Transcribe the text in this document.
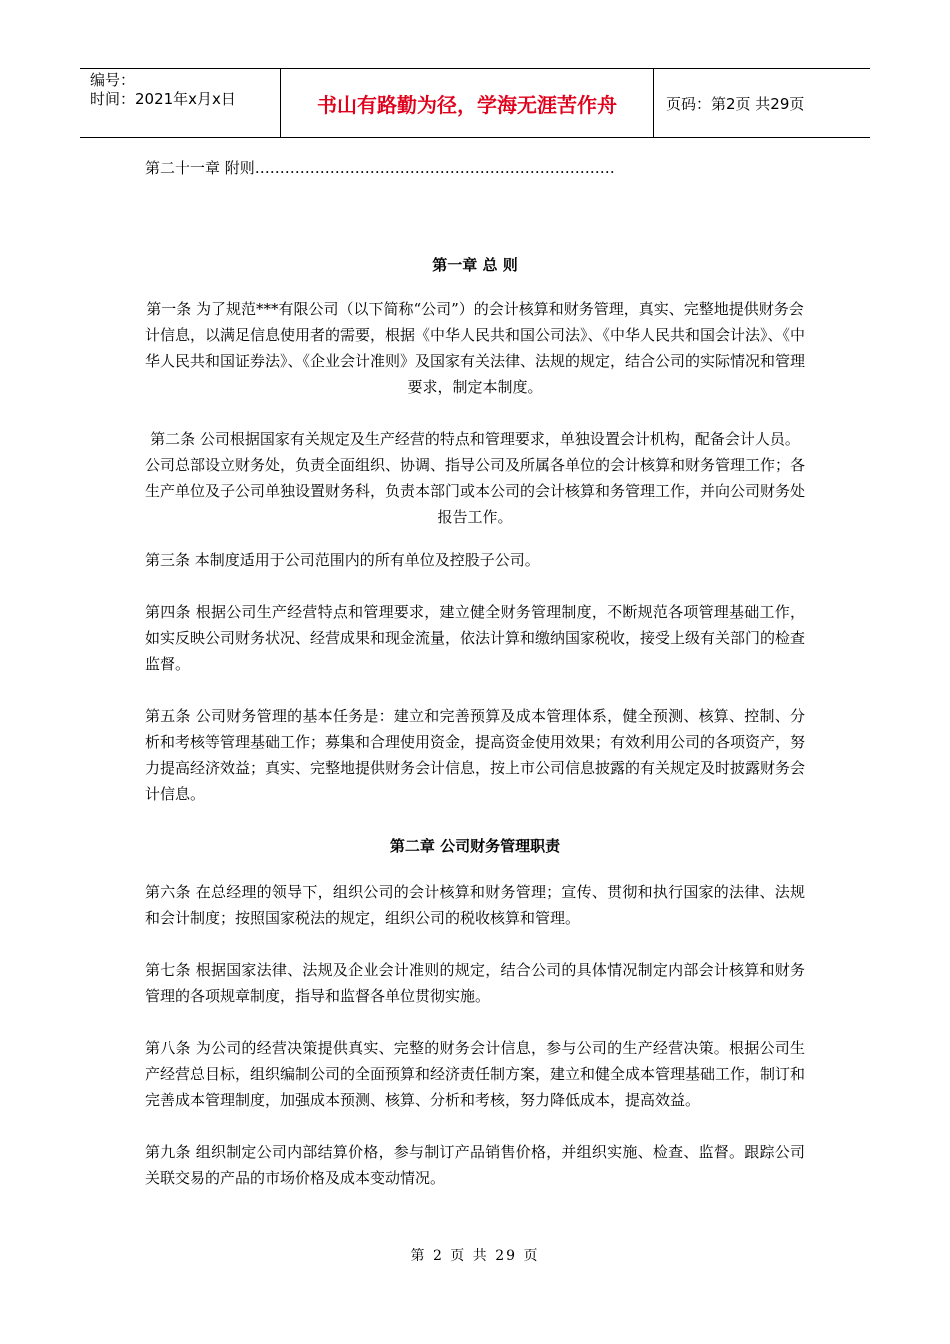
编号：
时间：2021年x月x日	书山有路勤为径，学海无涯苦作舟	页码：第2页 共29页

第二十一章 附则………………………………………………………………

第一章 总 则

第一条 为了规范***有限公司（以下简称“公司”）的会计核算和财务管理，真实、完整地提供财务会计信息，以满足信息使用者的需要，根据《中华人民共和国公司法》、《中华人民共和国会计法》、《中华人民共和国证券法》、《企业会计准则》及国家有关法律、法规的规定，结合公司的实际情况和管理要求，制定本制度。

第二条 公司根据国家有关规定及生产经营的特点和管理要求，单独设置会计机构，配备会计人员。公司总部设立财务处，负责全面组织、协调、指导公司及所属各单位的会计核算和财务管理工作；各生产单位及子公司单独设置财务科，负责本部门或本公司的会计核算和务管理工作，并向公司财务处报告工作。

第三条 本制度适用于公司范围内的所有单位及控股子公司。

第四条 根据公司生产经营特点和管理要求，建立健全财务管理制度，不断规范各项管理基础工作，如实反映公司财务状况、经营成果和现金流量，依法计算和缴纳国家税收，接受上级有关部门的检查监督。

第五条 公司财务管理的基本任务是：建立和完善预算及成本管理体系，健全预测、核算、控制、分析和考核等管理基础工作；募集和合理使用资金，提高资金使用效果；有效利用公司的各项资产，努力提高经济效益；真实、完整地提供财务会计信息，按上市公司信息披露的有关规定及时披露财务会计信息。

第二章 公司财务管理职责

第六条 在总经理的领导下，组织公司的会计核算和财务管理；宣传、贯彻和执行国家的法律、法规和会计制度；按照国家税法的规定，组织公司的税收核算和管理。

第七条 根据国家法律、法规及企业会计准则的规定，结合公司的具体情况制定内部会计核算和财务管理的各项规章制度，指导和监督各单位贯彻实施。

第八条 为公司的经营决策提供真实、完整的财务会计信息，参与公司的生产经营决策。根据公司生产经营总目标，组织编制公司的全面预算和经济责任制方案，建立和健全成本管理基础工作，制订和完善成本管理制度，加强成本预测、核算、分析和考核，努力降低成本，提高效益。

第九条 组织制定公司内部结算价格，参与制订产品销售价格，并组织实施、检查、监督。跟踪公司关联交易的产品的市场价格及成本变动情况。

第 2 页 共 29 页
